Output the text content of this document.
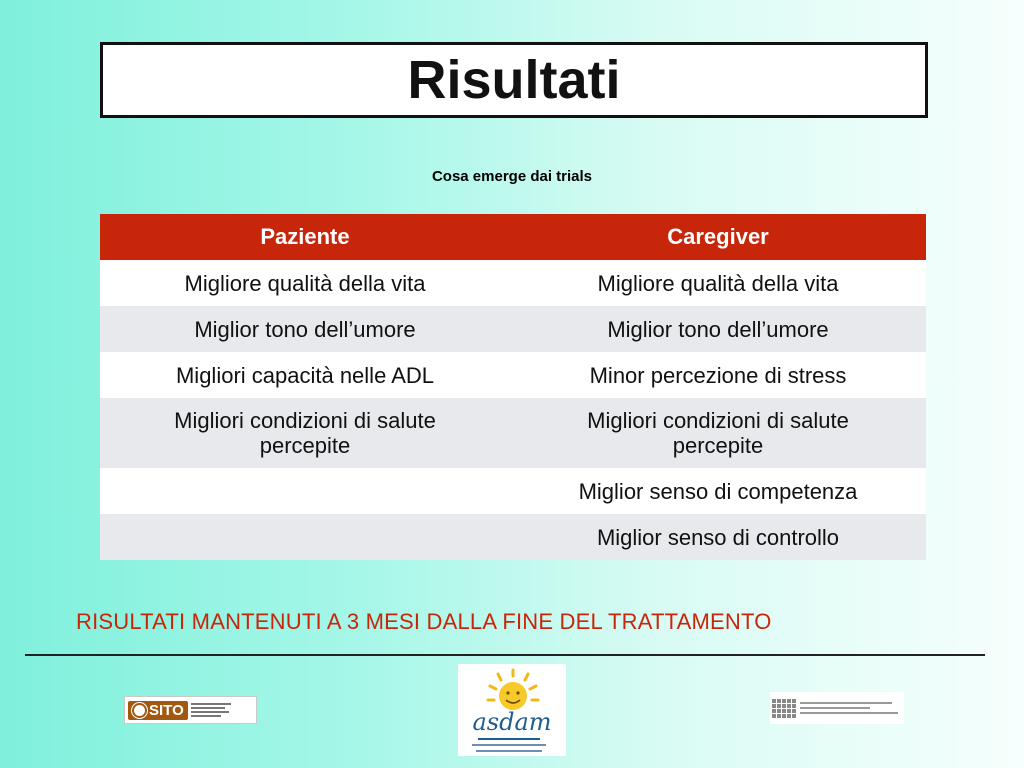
Risultati
Cosa emerge dai trials
Paziente	Caregiver
Migliore qualità della vita	Migliore qualità della vita
Miglior tono dell’umore	Miglior tono dell’umore
Migliori capacità nelle ADL	Minor percezione di stress

Migliori condizioni di salute percepite	Migliori condizioni di salute percepite

	Miglior senso di competenza
	Miglior senso di controllo
RISULTATI MANTENUTI A 3 MESI DALLA FINE DEL TRATTAMENTO
SITO	asdam
